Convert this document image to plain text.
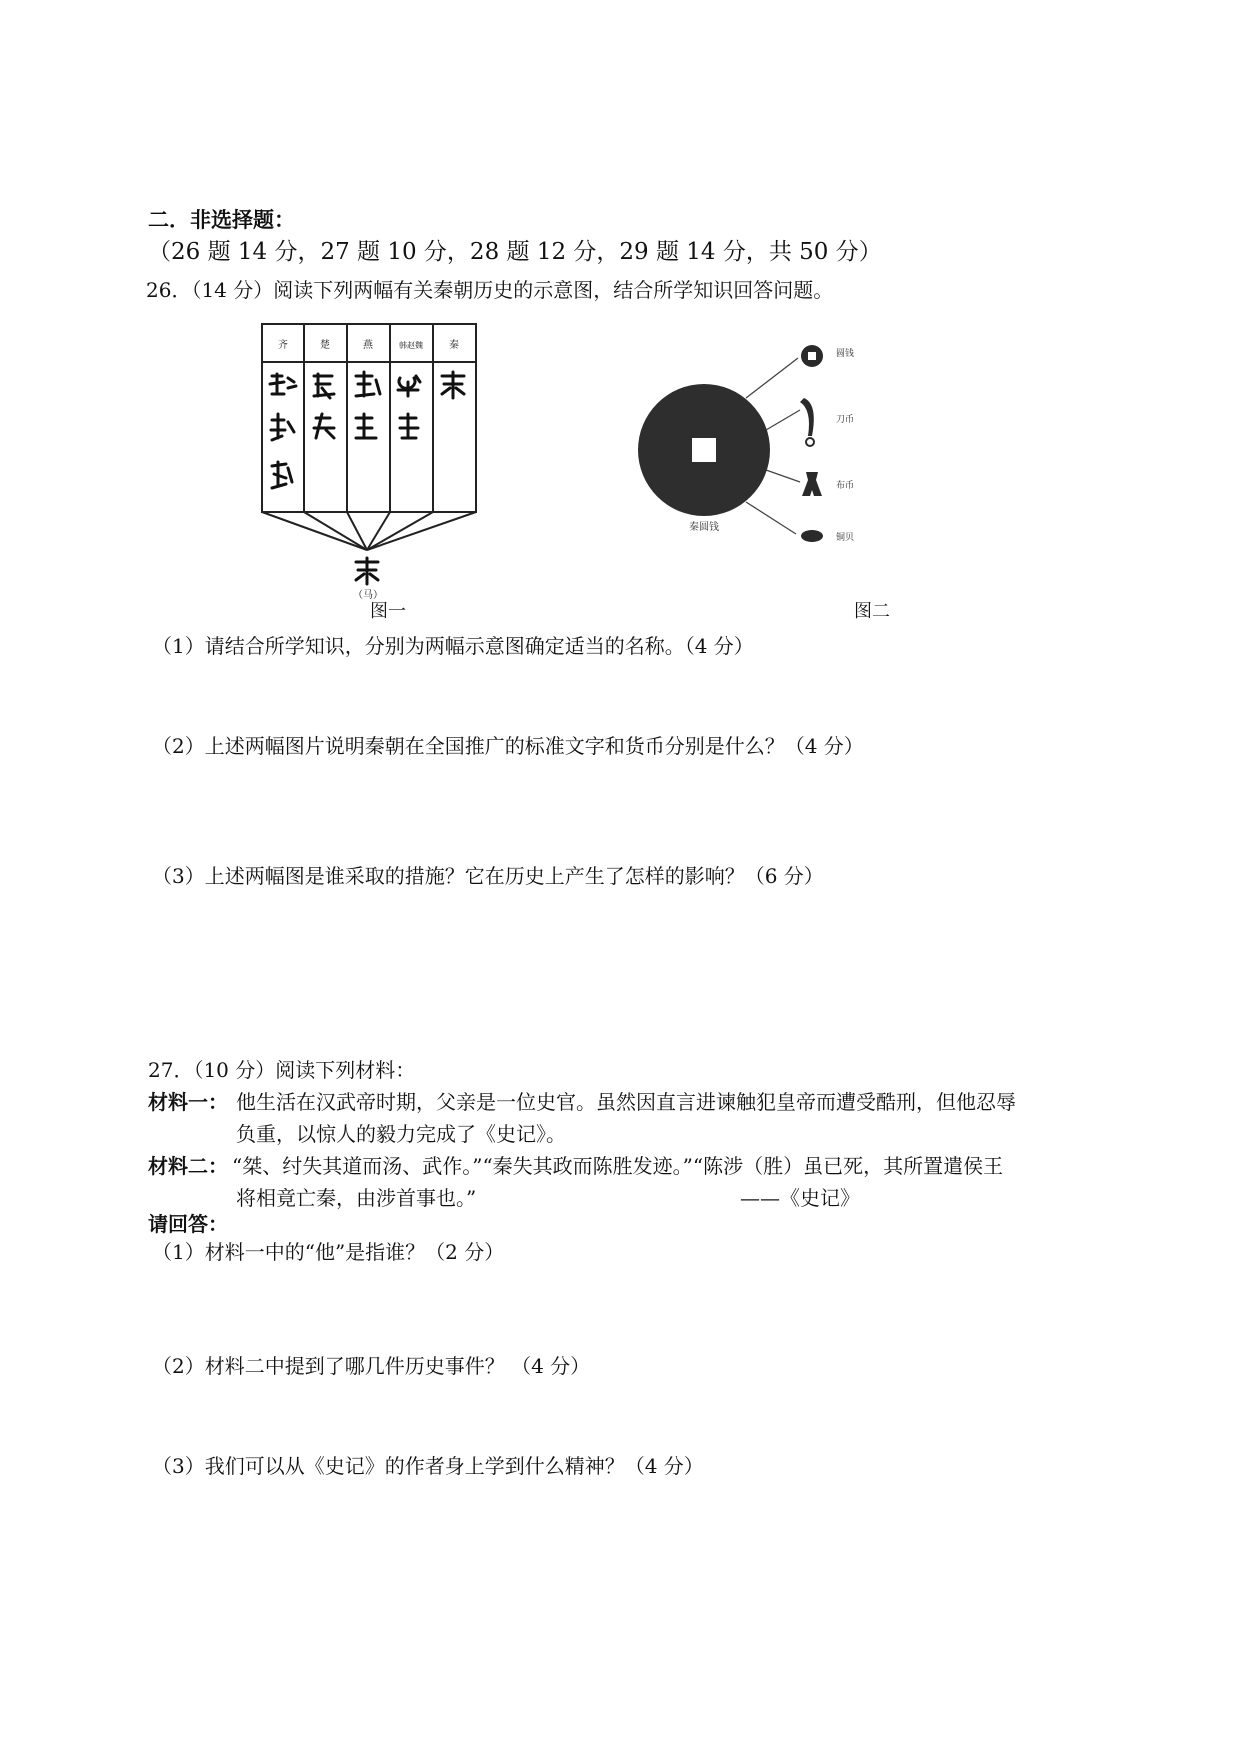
二．非选择题：
（26 题 14 分，27 题 10 分，28 题 12 分，29 题 14 分，共 50 分）
26．（14 分）阅读下列两幅有关秦朝历史的示意图，结合所学知识回答问题。
齐	楚	燕	韩赵魏	秦
（马）
图一
秦圆钱
圆钱
刀币
布币
铜贝
图二
（1）请结合所学知识，分别为两幅示意图确定适当的名称。（4 分）
（2）上述两幅图片说明秦朝在全国推广的标准文字和货币分别是什么？（4 分）
（3）上述两幅图是谁采取的措施？它在历史上产生了怎样的影响？（6 分）
27．（10 分）阅读下列材料：
材料一： 他生活在汉武帝时期，父亲是一位史官。虽然因直言进谏触犯皇帝而遭受酷刑，但他忍辱
负重，以惊人的毅力完成了《史记》。
材料二： “桀、纣失其道而汤、武作。”“秦失其政而陈胜发迹。”“陈涉（胜）虽已死，其所置遣侯王
将相竟亡秦，由涉首事也。”	——《史记》
请回答：
（1）材料一中的“他”是指谁？（2 分）
（2）材料二中提到了哪几件历史事件？ （4 分）
（3）我们可以从《史记》的作者身上学到什么精神？（4 分）
